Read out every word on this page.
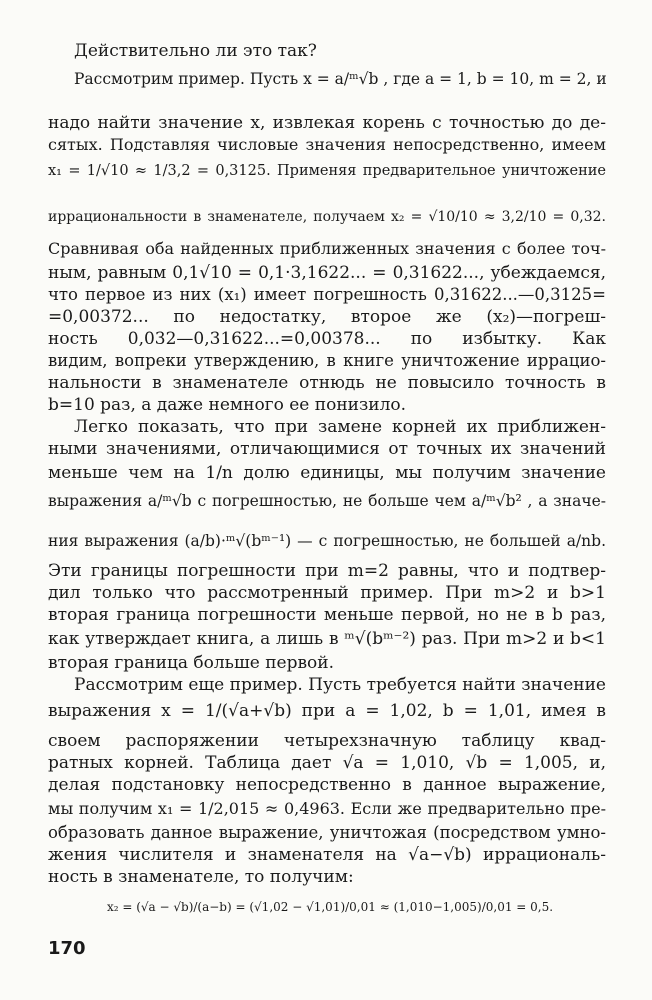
Действительно ли это так?
Рассмотрим пример. Пусть x = a/ᵐ√b , где a = 1, b = 10, m = 2, и
надо найти значение x, извлекая корень с точностью до де-
сятых. Подставляя числовые значения непосредственно, имеем
x₁ = 1/√10 ≈ 1/3,2 = 0,3125. Применяя предварительное уничтожение
иррациональности в знаменателе, получаем x₂ = √10/10 ≈ 3,2/10 = 0,32.
Сравнивая оба найденных приближенных значения с более точ-
ным, равным 0,1√10 = 0,1·3,1622... = 0,31622..., убеждаемся,
что первое из них (x₁) имеет погрешность 0,31622...—0,3125=
=0,00372... по недостатку, второе же (x₂)—погреш-
ность 0,032—0,31622...=0,00378... по избытку. Как
видим, вопреки утверждению, в книге уничтожение иррацио-
нальности в знаменателе отнюдь не повысило точность в
b=10 раз, а даже немного ее понизило.
Легко показать, что при замене корней их приближен-
ными значениями, отличающимися от точных их значений
меньше чем на 1/n долю единицы, мы получим значение
выражения a/ᵐ√b с погрешностью, не больше чем a/ᵐ√b² , а значе-
ния выражения (a/b)·ᵐ√(bᵐ⁻¹) — с погрешностью, не большей a/nb.
Эти границы погрешности при m=2 равны, что и подтвер-
дил только что рассмотренный пример. При m>2 и b>1
вторая граница погрешности меньше первой, но не в b раз,
как утверждает книга, а лишь в ᵐ√(bᵐ⁻²) раз. При m>2 и b<1
вторая граница больше первой.
Рассмотрим еще пример. Пусть требуется найти значение
выражения x = 1/(√a+√b) при a = 1,02, b = 1,01, имея в
своем распоряжении четырехзначную таблицу квад-
ратных корней. Таблица дает √a = 1,010, √b = 1,005, и,
делая подстановку непосредственно в данное выражение,
мы получим x₁ = 1/2,015 ≈ 0,4963. Если же предварительно пре-
образовать данное выражение, уничтожая (посредством умно-
жения числителя и знаменателя на √a−√b) иррациональ-
ность в знаменателе, то получим:
x₂ = (√a − √b)/(a−b) = (√1,02 − √1,01)/0,01 ≈ (1,010−1,005)/0,01 = 0,5.
170
